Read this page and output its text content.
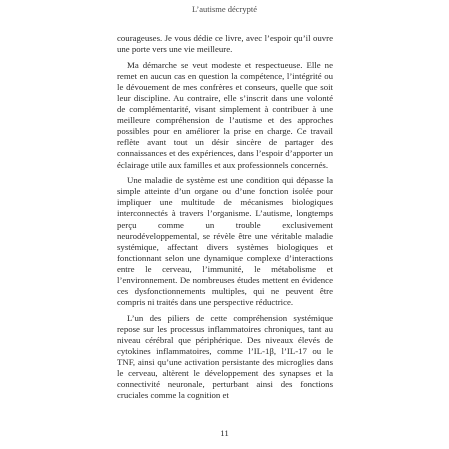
L’autisme décrypté

courageuses. Je vous dédie ce livre, avec l’espoir qu’il ouvre une porte vers une vie meilleure.

Ma démarche se veut modeste et respectueuse. Elle ne remet en aucun cas en question la compétence, l’intégrité ou le dévouement de mes confrères et conseurs, quelle que soit leur discipline. Au contraire, elle s’inscrit dans une volonté de complémentarité, visant simplement à contribuer à une meilleure compréhension de l’autisme et des approches possibles pour en améliorer la prise en charge. Ce travail reflète avant tout un désir sincère de partager des connaissances et des expériences, dans l’espoir d’apporter un éclairage utile aux familles et aux professionnels concernés.

Une maladie de système est une condition qui dépasse la simple atteinte d’un organe ou d’une fonction isolée pour impliquer une multitude de mécanismes biologiques interconnectés à travers l’organisme. L’autisme, longtemps perçu comme un trouble exclusivement neurodéveloppemental, se révèle être une véritable maladie systémique, affectant divers systèmes biologiques et fonctionnant selon une dynamique complexe d’interactions entre le cerveau, l’immunité, le métabolisme et l’environnement. De nombreuses études mettent en évidence ces dysfonctionnements multiples, qui ne peuvent être compris ni traités dans une perspective réductrice.

L’un des piliers de cette compréhension systémique repose sur les processus inflammatoires chroniques, tant au niveau cérébral que périphérique. Des niveaux élevés de cytokines inflammatoires, comme l’IL-1β, l’IL-17 ou le TNF, ainsi qu’une activation persistante des microglies dans le cerveau, altèrent le développement des synapses et la connectivité neuronale, perturbant ainsi des fonctions cruciales comme la cognition et

11
